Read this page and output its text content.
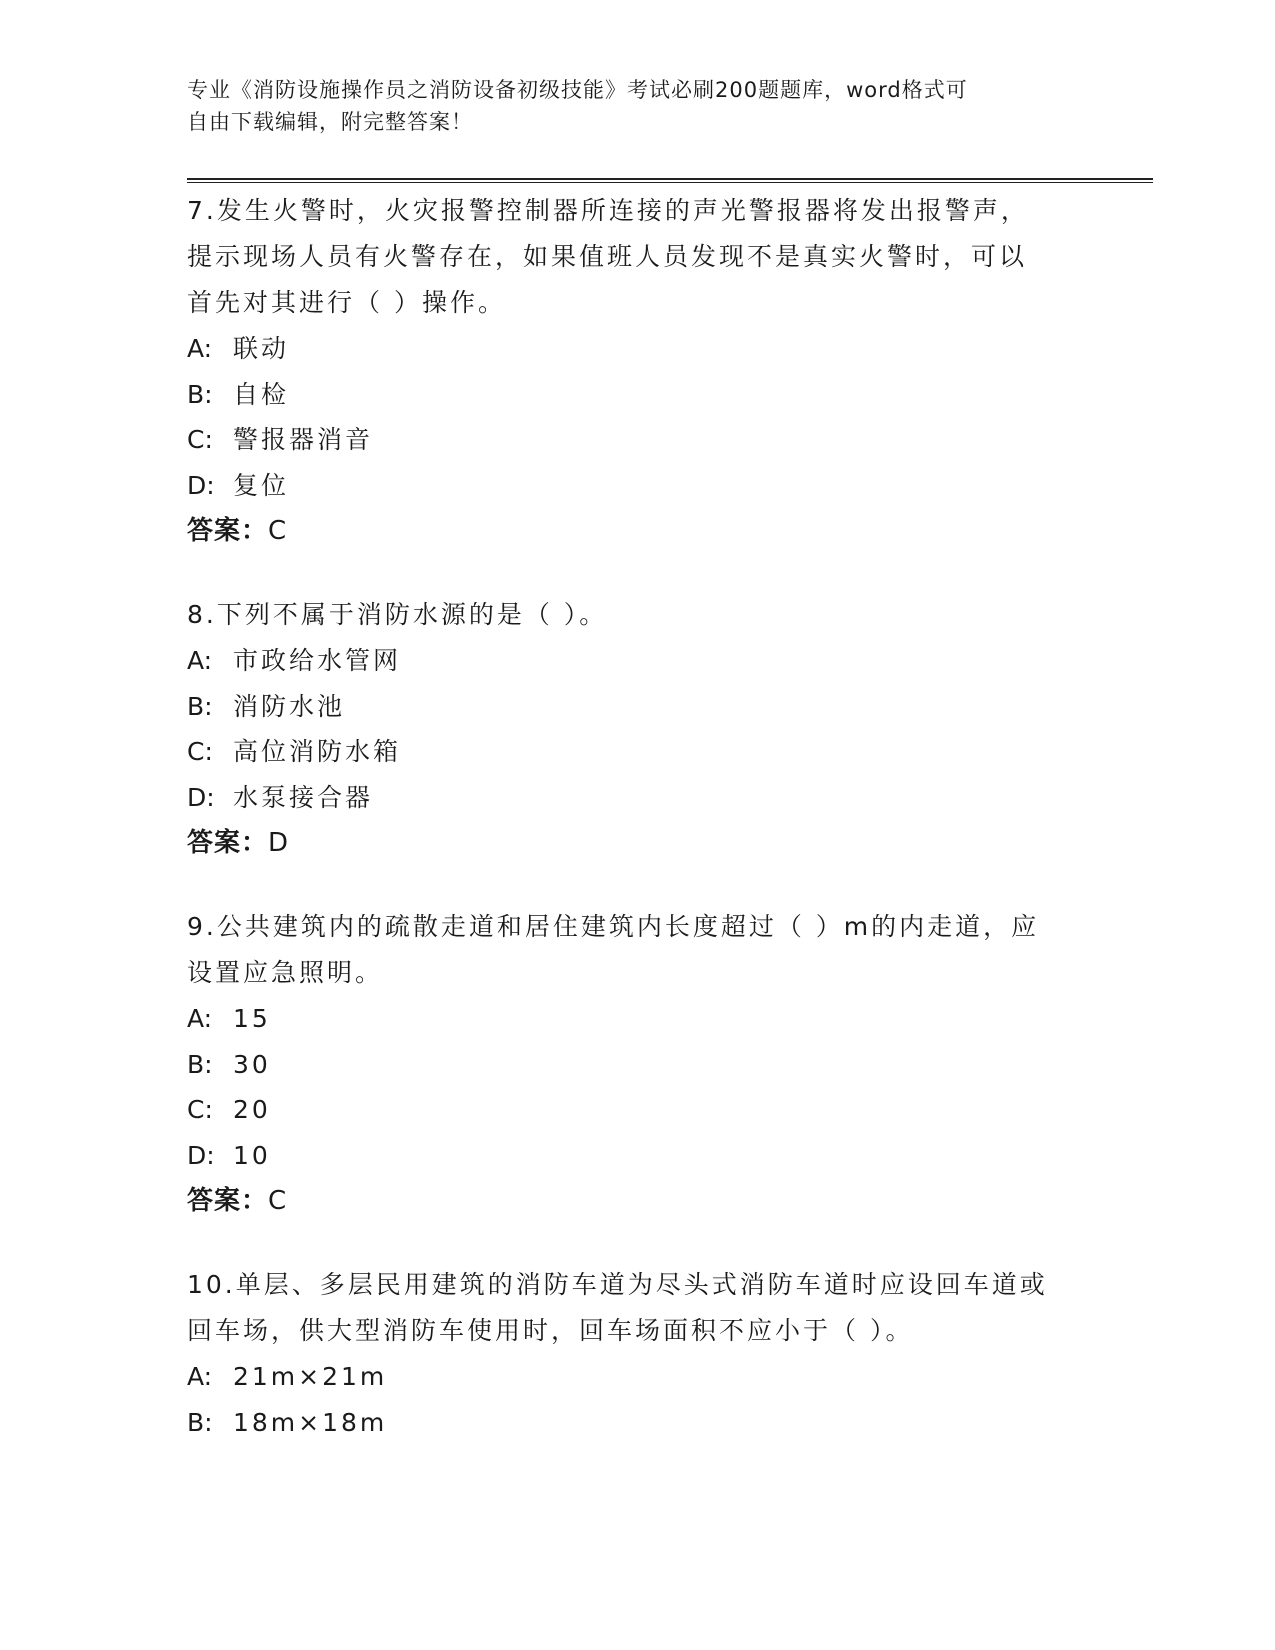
专业《消防设施操作员之消防设备初级技能》考试必刷200题题库，word格式可
自由下载编辑，附完整答案！
7.发生火警时，火灾报警控制器所连接的声光警报器将发出报警声，
提示现场人员有火警存在，如果值班人员发现不是真实火警时，可以
首先对其进行（ ）操作。
A: 联动
B: 自检
C: 警报器消音
D: 复位
答案：C
8.下列不属于消防水源的是（ ）。
A: 市政给水管网
B: 消防水池
C: 高位消防水箱
D: 水泵接合器
答案：D
9.公共建筑内的疏散走道和居住建筑内长度超过（ ）m的内走道，应
设置应急照明。
A: 15
B: 30
C: 20
D: 10
答案：C
10.单层、多层民用建筑的消防车道为尽头式消防车道时应设回车道或
回车场，供大型消防车使用时，回车场面积不应小于（ ）。
A: 21m×21m
B: 18m×18m
